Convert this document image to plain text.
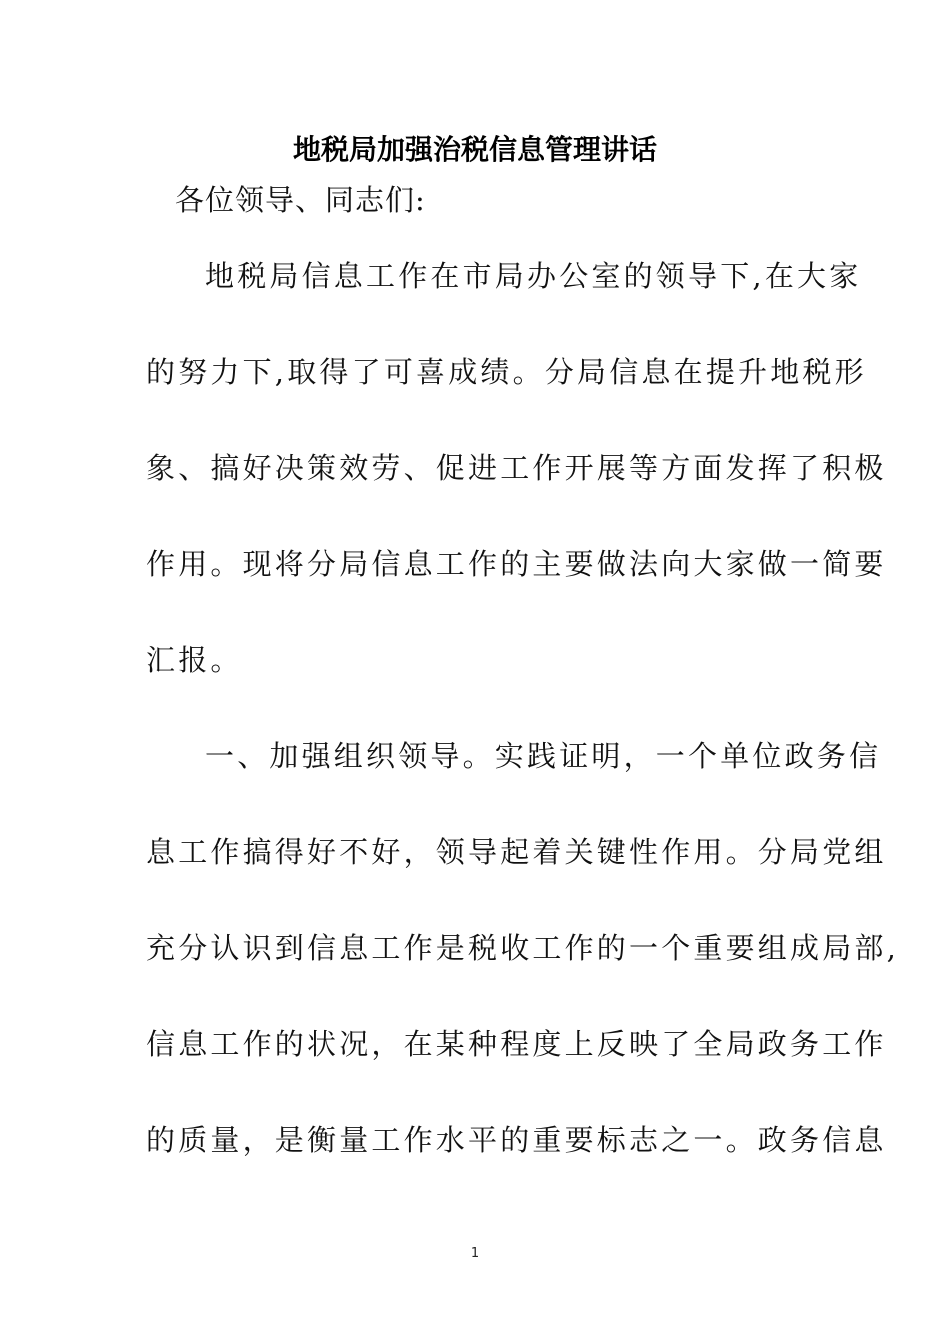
地税局加强治税信息管理讲话
各位领导、同志们:
地税局信息工作在市局办公室的领导下,在大家
的努力下,取得了可喜成绩。分局信息在提升地税形
象、搞好决策效劳、促进工作开展等方面发挥了积极
作用。现将分局信息工作的主要做法向大家做一简要
汇报。
一、加强组织领导。实践证明，一个单位政务信
息工作搞得好不好，领导起着关键性作用。分局党组
充分认识到信息工作是税收工作的一个重要组成局部,
信息工作的状况，在某种程度上反映了全局政务工作
的质量，是衡量工作水平的重要标志之一。政务信息
1
